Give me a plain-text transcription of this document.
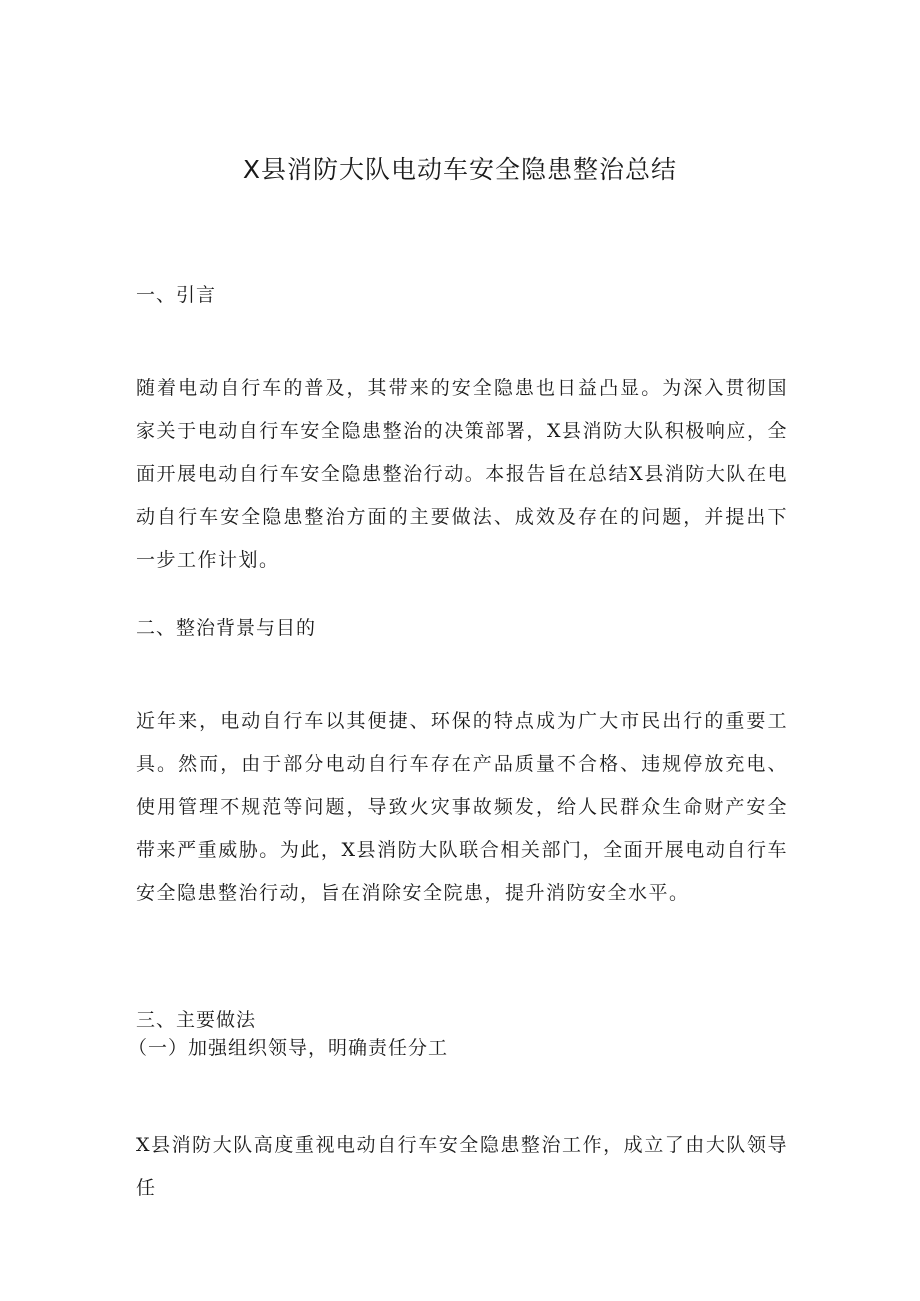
X县消防大队电动车安全隐患整治总结
一、引言
随着电动自行车的普及，其带来的安全隐患也日益凸显。为深入贯彻国家关于电动自行车安全隐患整治的决策部署，X县消防大队积极响应，全面开展电动自行车安全隐患整治行动。本报告旨在总结X县消防大队在电动自行车安全隐患整治方面的主要做法、成效及存在的问题，并提出下一步工作计划。
二、整治背景与目的
近年来，电动自行车以其便捷、环保的特点成为广大市民出行的重要工具。然而，由于部分电动自行车存在产品质量不合格、违规停放充电、使用管理不规范等问题，导致火灾事故频发，给人民群众生命财产安全带来严重威胁。为此，X县消防大队联合相关部门，全面开展电动自行车安全隐患整治行动，旨在消除安全院患，提升消防安全水平。
三、主要做法
（一）加强组织领导，明确责任分工
X县消防大队高度重视电动自行车安全隐患整治工作，成立了由大队领导任
